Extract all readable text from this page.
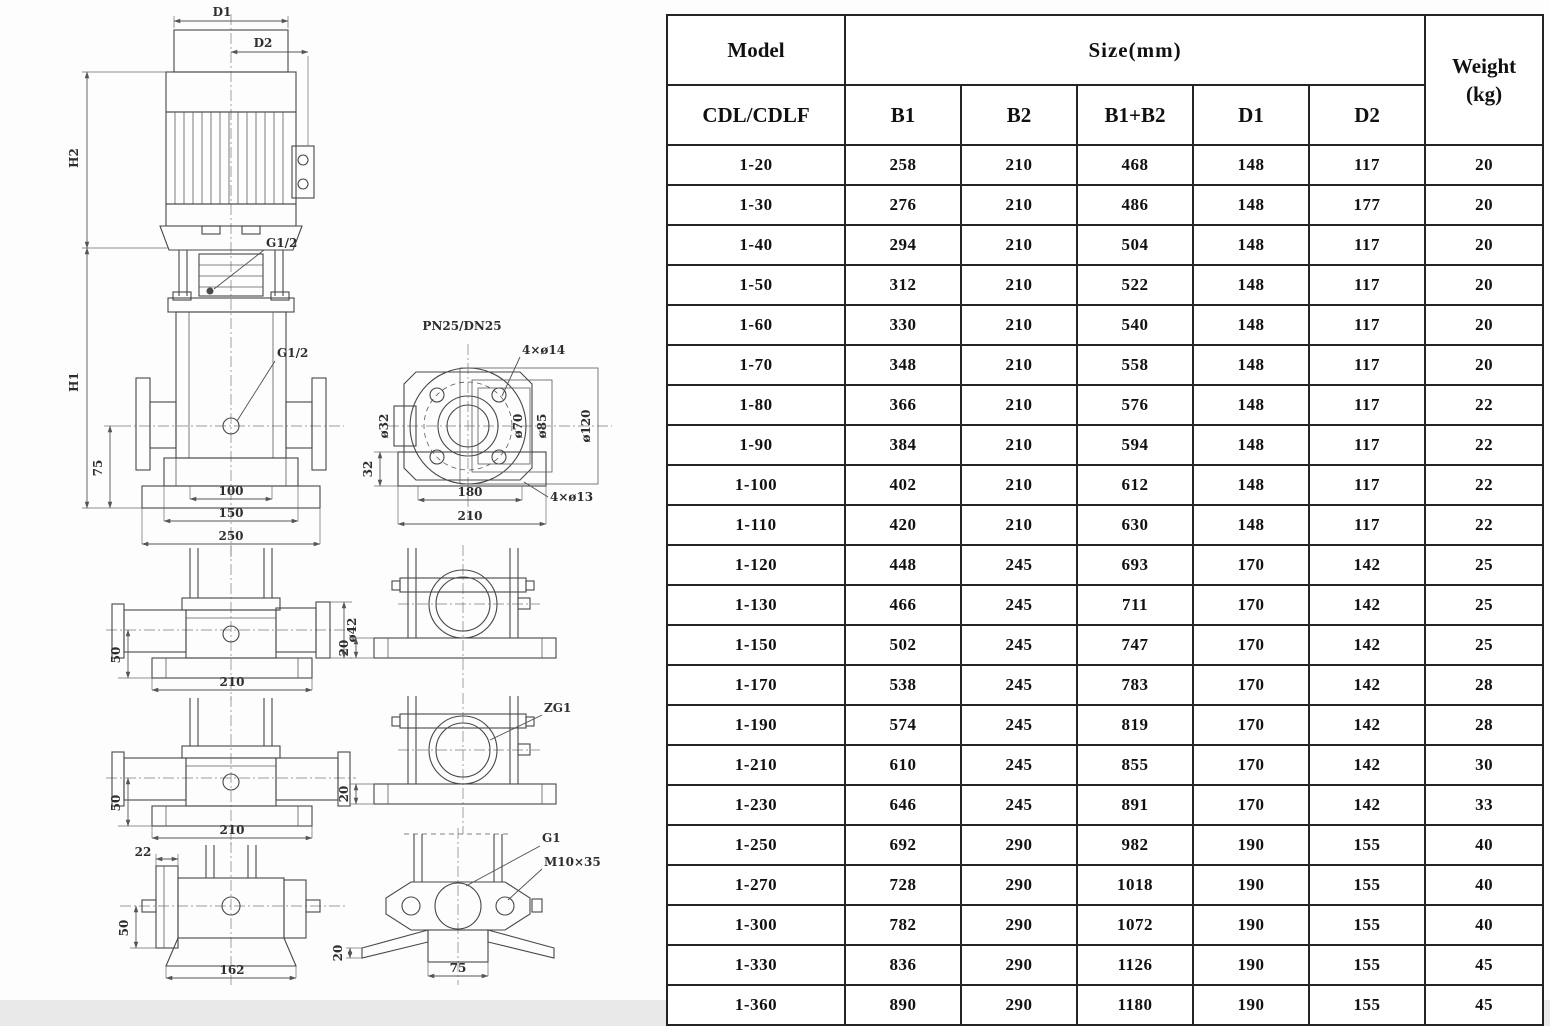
D1
D2
H2
H1
75
G1/2
G1/2
100
150
250
PN25/DN25
4×ø14
ø32	ø70 ø85	ø120
32
180
210
4×ø13
ø42
50
210
20
50
210
ZG1
20
22
50
162
G1
M10×35
20
75
Model	Size(mm)					Weight
(kg)

CDL/CDLF	B1	B2	B1+B2	D1	D2	
1-20	258	210	468	148	117	20
1-30	276	210	486	148	177	20
1-40	294	210	504	148	117	20
1-50	312	210	522	148	117	20
1-60	330	210	540	148	117	20
1-70	348	210	558	148	117	20
1-80	366	210	576	148	117	22
1-90	384	210	594	148	117	22
1-100	402	210	612	148	117	22
1-110	420	210	630	148	117	22
1-120	448	245	693	170	142	25
1-130	466	245	711	170	142	25
1-150	502	245	747	170	142	25
1-170	538	245	783	170	142	28
1-190	574	245	819	170	142	28
1-210	610	245	855	170	142	30
1-230	646	245	891	170	142	33
1-250	692	290	982	190	155	40
1-270	728	290	1018	190	155	40
1-300	782	290	1072	190	155	40
1-330	836	290	1126	190	155	45
1-360	890	290	1180	190	155	45
